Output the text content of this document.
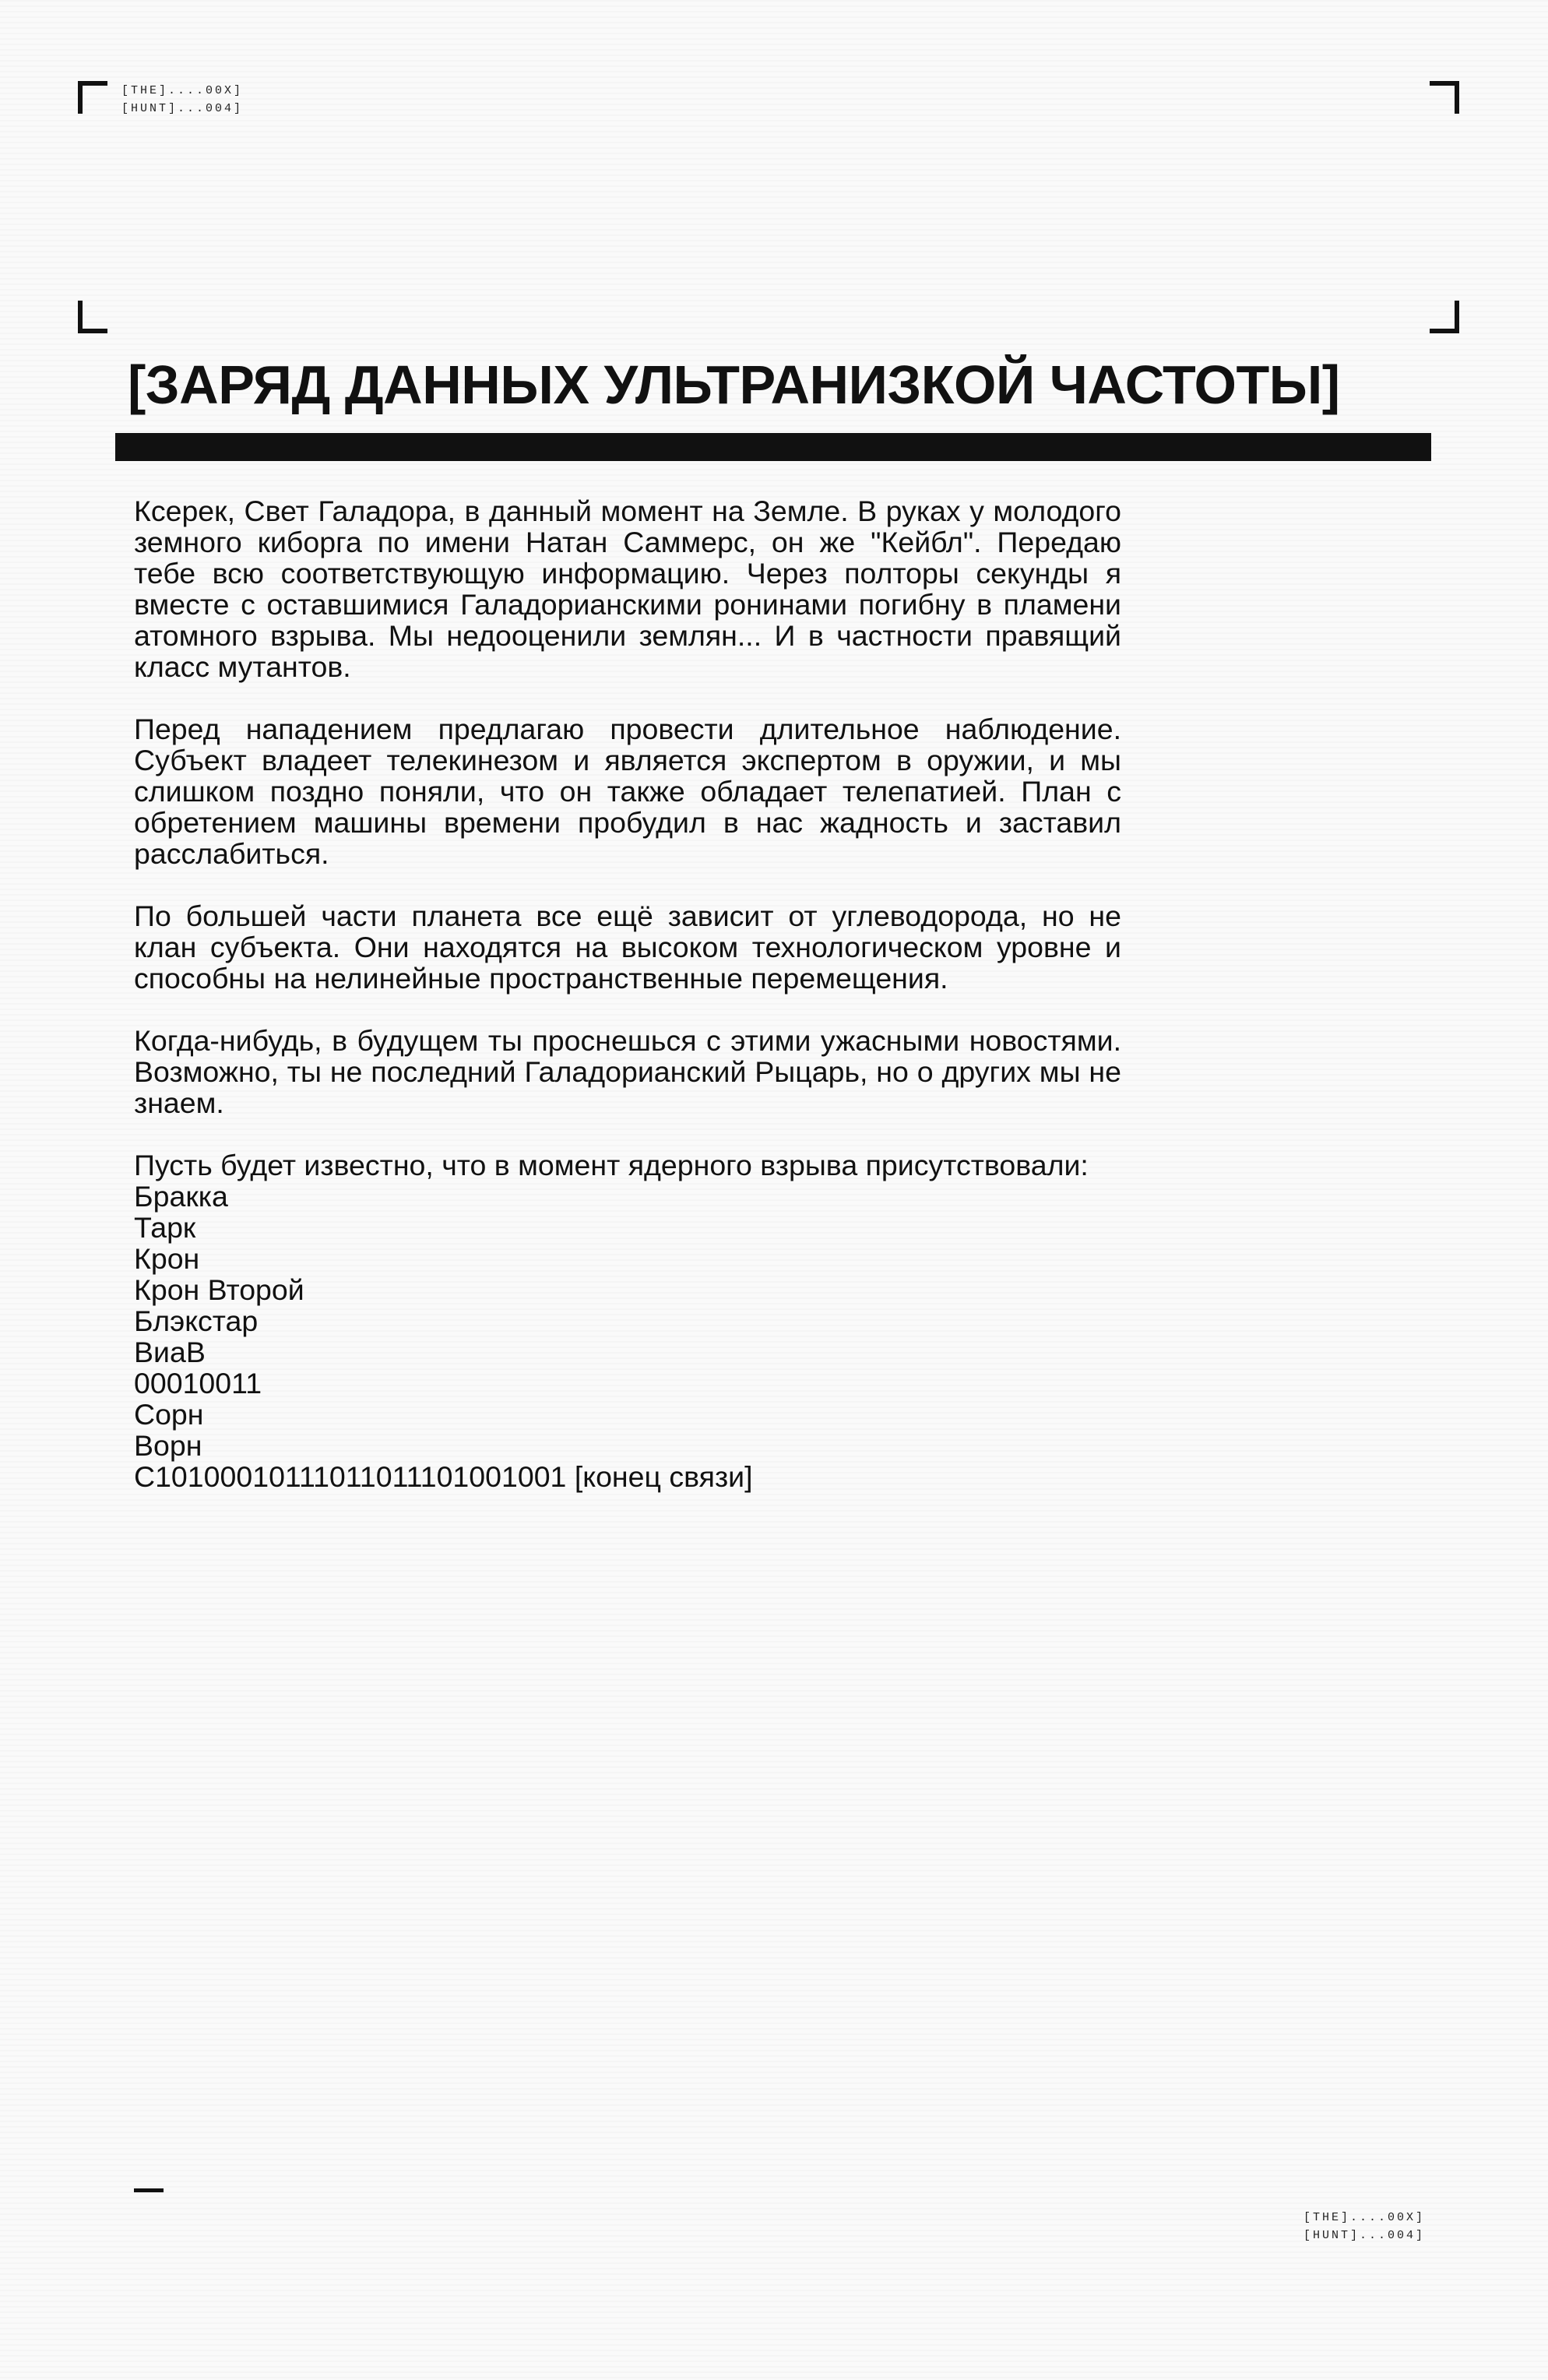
[THE]....00X]
[HUNT]...004]
[ЗАРЯД ДАННЫХ УЛЬТРАНИЗКОЙ ЧАСТОТЫ]

Ксерек, Свет Галадора, в данный момент на Земле. В руках у молодого земного киборга по имени Натан Саммерс, он же "Кейбл". Передаю тебе всю соответствующую информацию. Через полторы секунды я вместе с оставшимися Галадорианскими ронинами погибну в пламени атомного взрыва. Мы недооценили землян... И в частности правящий класс мутантов.

Перед нападением предлагаю провести длительное наблюдение. Субъект владеет телекинезом и является экспертом в оружии, и мы слишком поздно поняли, что он также обладает телепатией. План с обретением машины времени пробудил в нас жадность и заставил расслабиться.

По большей части планета все ещё зависит от углеводорода, но не клан субъекта. Они находятся на высоком технологическом уровне и способны на нелинейные пространственные перемещения.

Когда-нибудь, в будущем ты проснешься с этими ужасными новостями. Возможно, ты не последний Галадорианский Рыцарь, но о других мы не знаем.

Пусть будет известно, что в момент ядерного взрыва присутствовали:

Бракка
Тарк
Крон
Крон Второй
Блэкстар
ВиаВ
00010011
Сорн
Ворн
C10100010111011011101001001 [конец связи]
[THE]....00X]
[HUNT]...004]
